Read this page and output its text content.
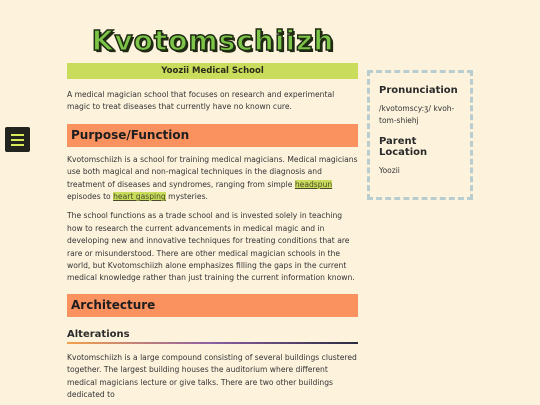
Kvotomschiizh
Yoozii Medical School

A medical magician school that focuses on research and experimental magic to treat diseases that currently have no known cure.

Purpose/Function

Kvotomschiizh is a school for training medical magicians. Medical magicians use both magical and non-magical techniques in the diagnosis and treatment of diseases and syndromes, ranging from simple headspun episodes to heart gasping mysteries.

The school functions as a trade school and is invested solely in teaching how to research the current advancements in medical magic and in developing new and innovative techniques for treating conditions that are rare or misunderstood. There are other medical magician schools in the world, but Kvotomschiizh alone emphasizes filling the gaps in the current medical knowledge rather than just training the current information known.

Architecture
Alterations

Kvotomschiizh is a large compound consisting of several buildings clustered together. The largest building houses the auditorium where different medical magicians lecture or give talks. There are two other buildings dedicated to

Pronunciation
/kvotomscy:ʒ/ kvoh-tom-shiehj
Parent Location
Yoozii
